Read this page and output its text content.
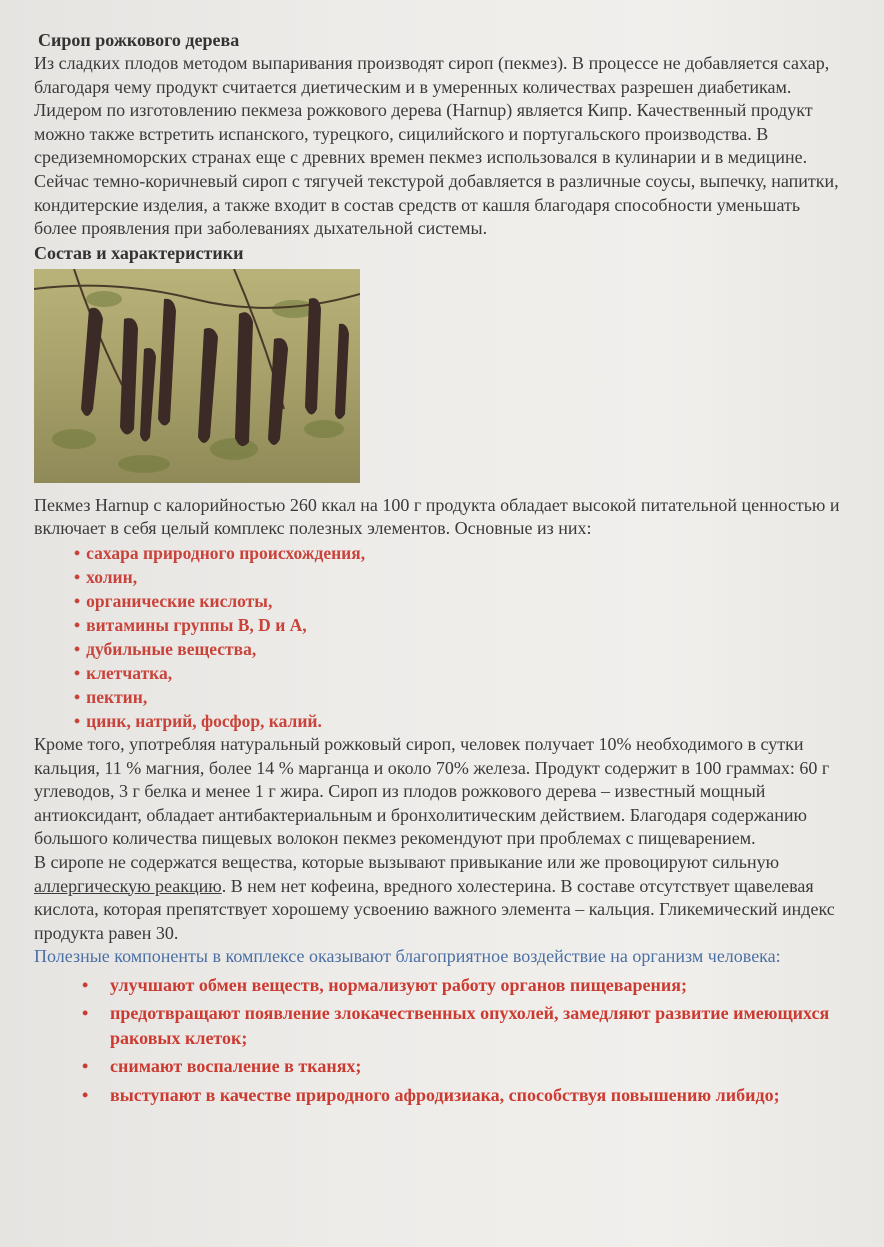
Сироп рожкового дерева

Из сладких плодов методом выпаривания производят сироп (пекмез). В процессе не добавляется сахар, благодаря чему продукт считается диетическим и в умеренных количествах разрешен диабетикам. Лидером по изготовлению пекмеза рожкового дерева (Harnup) является Кипр. Качественный продукт можно также встретить испанского, турецкого, сицилийского и португальского производства. В средиземноморских странах еще с древних времен пекмез использовался в кулинарии и в медицине. Сейчас темно-коричневый сироп с тягучей текстурой добавляется в различные соусы, выпечку, напитки, кондитерские изделия, а также входит в состав средств от кашля благодаря способности уменьшать более проявления при заболеваниях дыхательной системы.

Состав и характеристики

Пекмез Harnup с калорийностью 260 ккал на 100 г продукта обладает высокой питательной ценностью и включает в себя целый комплекс полезных элементов. Основные из них:

• сахара природного происхождения,
• холин,
• органические кислоты,
• витамины группы B, D и A,
• дубильные вещества,
• клетчатка,
• пектин,
• цинк, натрий, фосфор, калий.

Кроме того, употребляя натуральный рожковый сироп, человек получает 10% необходимого в сутки кальция, 11 % магния, более 14 % марганца и около 70% железа. Продукт содержит в 100 граммах: 60 г углеводов, 3 г белка и менее 1 г жира. Сироп из плодов рожкового дерева – известный мощный антиоксидант, обладает антибактериальным и бронхолитическим действием. Благодаря содержанию большого количества пищевых волокон пекмез рекомендуют при проблемах с пищеварением.

В сиропе не содержатся вещества, которые вызывают привыкание или же провоцируют сильную аллергическую реакцию. В нем нет кофеина, вредного холестерина. В составе отсутствует щавелевая кислота, которая препятствует хорошему усвоению важного элемента – кальция. Гликемический индекс продукта равен 30.

Полезные компоненты в комплексе оказывают благоприятное воздействие на организм человека:

• улучшают обмен веществ, нормализуют работу органов пищеварения;
• предотвращают появление злокачественных опухолей, замедляют развитие имеющихся раковых клеток;
• снимают воспаление в тканях;
• выступают в качестве природного афродизиака, способствуя повышению либидо;
